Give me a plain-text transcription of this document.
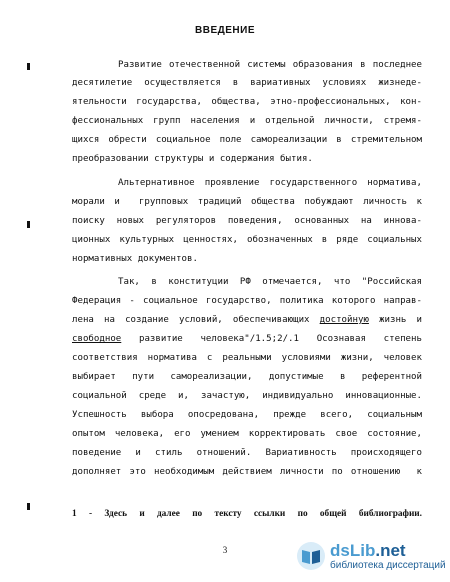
ВВЕДЕНИЕ
Развитие отечественной системы образования в последнее
десятилетие осуществляется в вариативных условиях жизнеде-
ятельности государства, общества, этно-профессиональных, кон-
фессиональных групп населения и отдельной личности, стремя-
щихся обрести социальное поле самореализации в стремительном
преобразовании структуры и содержания бытия.
Альтернативное проявление государственного норматива,
морали и  групповых традиций общества побуждают личность к
поиску новых регуляторов поведения, основанных на иннова-
ционных культурных ценностях, обозначенных в ряде социальных
нормативных документов.
Так, в конституции РФ отмечается, что "Российская
Федерация - социальное государство, политика которого направ-
лена на создание условий, обеспечивающих достойную жизнь и
свободное развитие человека"/1.5;2/.1 Осознавая степень
соответствия норматива с реальными условиями жизни, человек
выбирает пути самореализации, допустимые в референтной
социальной среде и, зачастую, индивидуально инновационные.
Успешность выбора опосредована, прежде всего, социальным
опытом человека, его умением корректировать свое состояние,
поведение и стиль отношений. Вариативность происходящего
дополняет это необходимым действием личности по отношению  к
1 - Здесь и далее по тексту ссылки по общей библиографии.
3	dsLib.net
библиотека диссертаций
